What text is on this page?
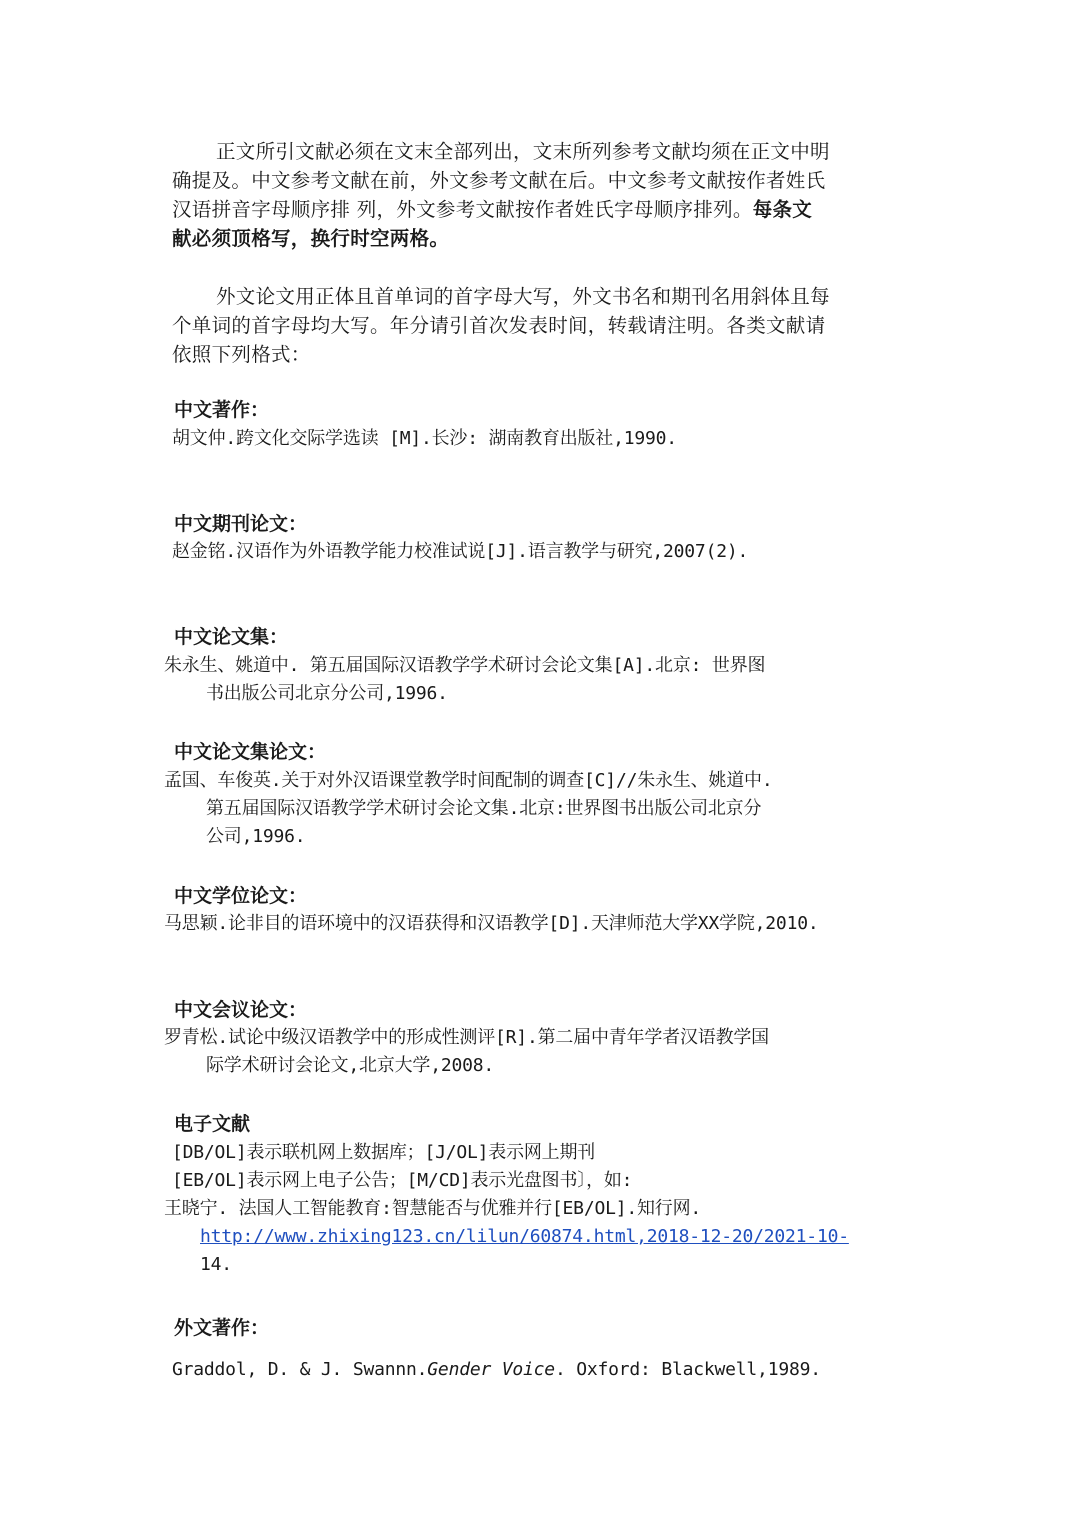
正文所引文献必须在文末全部列出，文末所列参考文献均须在正文中明
确提及。中文参考文献在前，外文参考文献在后。中文参考文献按作者姓氏
汉语拼音字母顺序排 列，外文参考文献按作者姓氏字母顺序排列。每条文
献必须顶格写，换行时空两格。

外文论文用正体且首单词的首字母大写，外文书名和期刊名用斜体且每
个单词的首字母均大写。年分请引首次发表时间，转载请注明。各类文献请
依照下列格式：

中文著作：

胡文仲.跨文化交际学选读 [M].长沙: 湖南教育出版社,1990.

中文期刊论文：

赵金铭.汉语作为外语教学能力校准试说[J].语言教学与研究,2007(2).

中文论文集：

朱永生、姚道中. 第五届国际汉语教学学术研讨会论文集[A].北京: 世界图
书出版公司北京分公司,1996.

中文论文集论文：

孟国、车俊英.关于对外汉语课堂教学时间配制的调查[C]//朱永生、姚道中.
第五届国际汉语教学学术研讨会论文集.北京:世界图书出版公司北京分
公司,1996.

中文学位论文：

马思颖.论非目的语环境中的汉语获得和汉语教学[D].天津师范大学XX学院,2010.

中文会议论文：

罗青松.试论中级汉语教学中的形成性测评[R].第二届中青年学者汉语教学国
际学术研讨会论文,北京大学,2008.

电子文献

[DB/OL]表示联机网上数据库；[J/OL]表示网上期刊
[EB/OL]表示网上电子公告；[M/CD]表示光盘图书〕，如:
王晓宁. 法国人工智能教育:智慧能否与优雅并行[EB/OL].知行网.
http://www.zhixing123.cn/lilun/60874.html,2018-12-20/2021-10-
14.

外文著作：

Graddol, D. & J. Swannn.Gender Voice. Oxford: Blackwell,1989.
